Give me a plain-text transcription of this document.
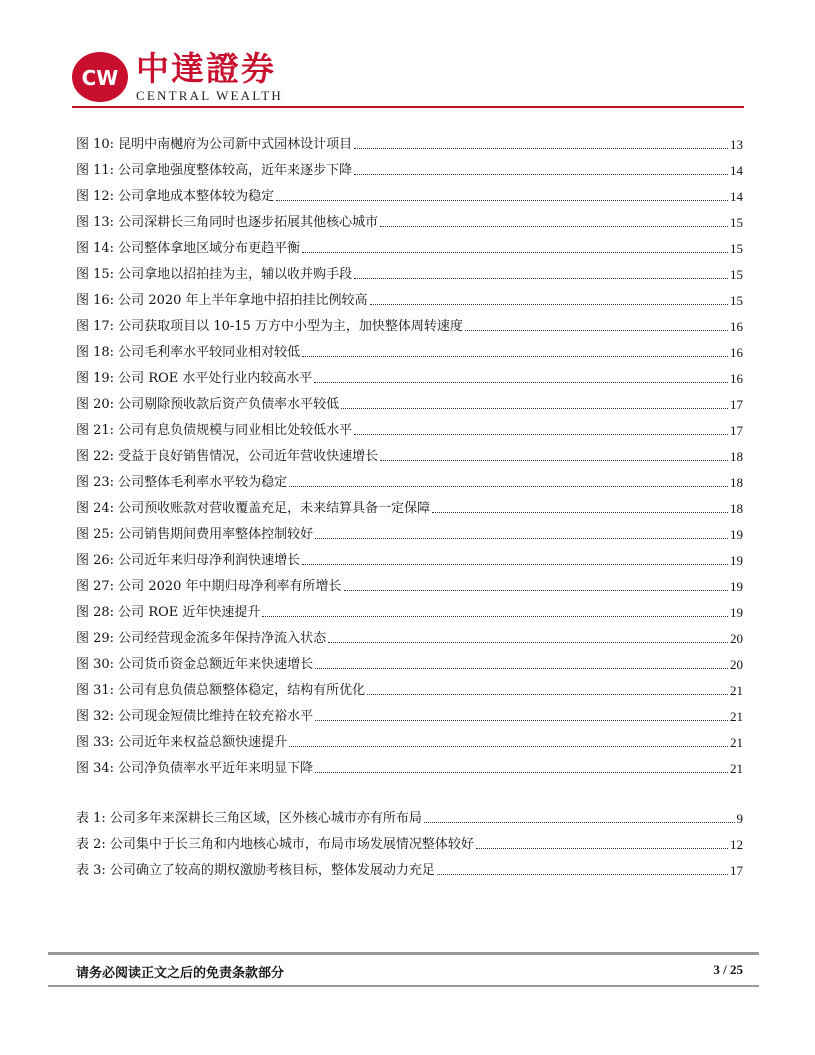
CW 中達證券
CENTRAL WEALTH
图 10: 昆明中南樾府为公司新中式园林设计项目	13
图 11: 公司拿地强度整体较高，近年来逐步下降	14
图 12: 公司拿地成本整体较为稳定	14
图 13: 公司深耕长三角同时也逐步拓展其他核心城市	15
图 14: 公司整体拿地区域分布更趋平衡	15
图 15: 公司拿地以招拍挂为主，辅以收并购手段	15
图 16: 公司 2020 年上半年拿地中招拍挂比例较高	15
图 17: 公司获取项目以 10-15 万方中小型为主，加快整体周转速度	16
图 18: 公司毛利率水平较同业相对较低	16
图 19: 公司 ROE 水平处行业内较高水平	16
图 20: 公司剔除预收款后资产负债率水平较低	17
图 21: 公司有息负债规模与同业相比处较低水平	17
图 22: 受益于良好销售情况，公司近年营收快速增长	18
图 23: 公司整体毛利率水平较为稳定	18
图 24: 公司预收账款对营收覆盖充足，未来结算具备一定保障	18
图 25: 公司销售期间费用率整体控制较好	19
图 26: 公司近年来归母净利润快速增长	19
图 27: 公司 2020 年中期归母净利率有所增长	19
图 28: 公司 ROE 近年快速提升	19
图 29: 公司经营现金流多年保持净流入状态	20
图 30: 公司货币资金总额近年来快速增长	20
图 31: 公司有息负债总额整体稳定，结构有所优化	21
图 32: 公司现金短债比维持在较充裕水平	21
图 33: 公司近年来权益总额快速提升	21
图 34: 公司净负债率水平近年来明显下降	21
表 1: 公司多年来深耕长三角区域，区外核心城市亦有所布局	9
表 2: 公司集中于长三角和内地核心城市，布局市场发展情况整体较好	12
表 3: 公司确立了较高的期权激励考核目标，整体发展动力充足	17
请务必阅读正文之后的免责条款部分	3 / 25
